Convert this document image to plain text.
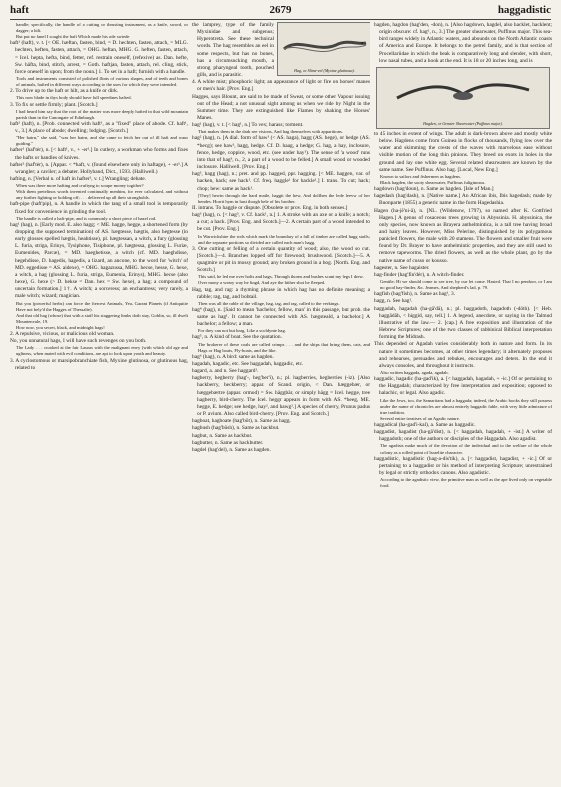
haft	2679	haggadistic

handle; specifically, the handle of a cutting or thrusting instrument, as a knife, sword, or dagger; a hilt.

But put no fanel I sought the haft Which made his ode swiede

haft¹ (haft), v. t. [< OE. hæftan, fasten, bind, = D. hechten, fasten, attach, = MLG. hechten, heften, fasten, attach, = OHG. heftan, MHG. G. heften, fasten, attach, = Icel. hepta, hefta, bind, fetter, ref. restrain oneself, (refexive) as. Dan. hefte, Sw. häfta, bind, stitch, arrest, = Goth. haftjan, fasten, attach, rel. cling, stick, force oneself in upon; from the noun.] 1. To set in a haft; furnish with a handle.

Tools and instruments consisted of polished flints of various shapes, and of teeth and bones of animals, hafted in different ways according to the uses for which they were intended.

2. To drive up to the haft or hilt, as a knife or dirk.

This now blade in thys body should have full speedines hafted.

3. To fix or settle firmly; plant. [Scotch.]

I had heard him say that the root of the matter was more deeply hafted in that wild mountain parish than in the Canongate of Edinburgh.

haft² (haft), n. [Prob. connected with haft¹, as a "fixed" place of abode. Cf. haft¹, v., 3.] A place of abode; dwelling; lodging. [Scotch.]

"Her bairn," she said, "was her bairn, and she came to fetch her out of ill haft and waur guiding."

hafter¹ (haf'tėr), n. [< haft¹, v., + -er¹.] In cutlery, a workman who forms and fixes the hafts or handles of knives.

hafter² (haf'tėr), n. [Appar. < *haft, v. (found elsewhere only in haftage), + -er¹.] A wrangler; a caviler; a debater. Hollyband, Dict., 1593. (Halliwell.)

hafting, n. [Verbal n. of haft in hafter², v. t.] Wrangling; debate.

When was there more hafting and cruftyng to scrape money togither?

With them pretelinos words invented continually menhim, for ever calculated, and without any further fighting or holding off; . . . delivered up all their strongholds.

haft-pipe (haft'pip), n. A handle in which the tang of a small tool is temporarily fixed for convenience in grinding the tool.

The handle is called a haft-pipe, and is commonly a short piece of hazel rod.

hag¹ (hag), n. [Early mod. E. also hagg; < ME. hagge, hegge, a shortened form (by dropping the supposed termination) of AS. hægtesse, hægtis, also hegtesse (in early glosses spelled hægtis, heahtisse), pl. hægtessan, a witch, a fury (glossing L. furia, striga, Erinys, Tysiphone, Tisiphone, pl. hægtessa, glossing L. Furiæ, Eumenides, Parcæ), = MD. haeghetisse, a witch (cf. MD. haeghdisse, hegehdisse, D. hagedis, hagedis, a lizard, an ancone, to the word for 'witch' of MD. eggedisse = AS. aidexe), = OHG. hagazussa, MHG. hecse, hesse, G. hexe, a witch, a hag (glossing L. furia, striga, Eumenia, Erinys), MHG. hecse (also hexe), G. hexe (> D. hekse = Dan. hex = Sw. hexe), a hag; a compound of uncertain formation.] 1†. A witch; a sorceress; an enchantress; very rarely, a male witch; wizard; magician.

But you (powerful herbs) can force the fiercest Animals, Yea, Garant Planets (if Antiquitie Have not bely'd the Hagges of Thessalie).

And that old hag (whose) that with a staff his staggering limbs doth stay, Goblin, so, ill dwelt Mountenvale, 19.

How now, you secret, black, and midnight hags!

2. A repulsive, vicious, or malicious old woman.

No, you unnatural hags, I will have such revenges on you both.

The Lady . . . crooked at the fair Lauras with the malignant envy (with which old age and ugliness, when mated with evil conditions, are apt to look upon youth and beauty.

3. A cyclostomous or marsipobranchiate fish, Myxine glutinosa, or glutinous hag, related to

Hag, or Slime-eel (Myxine glutinosa).

the lamprey, type of the family Myxinidae and subgenus; Hyperotreta. See these technical words. The hag resembles an eel in some respects, but has no bones, has a circumsucking mouth, a strong pharyngeal tooth, pouched gills, and is parasitic.

4. A white mist; phosphoric light; an appearance of light or fire on horses' manes or men's hair. [Prov. Eng.]

Hagges, says Blount, are said to be made of Sweat, or some other Vapour issuing out of the Head; a not unusual sight among us when we ride by Night in the Summer time. They are extinguished like Flames by shaking the Horses' Manes.

hag¹ (hag), v. t. [< hag¹, n.] To vex; harass; torment.

That makes them in the dark see visions, And hag themselves with apparitions.

hag² (hag), n. [A dial. form of haw¹ (< AS. haga), hagg (AS. hege), or hedge (AS. *hecg); see haw¹, hagg, hedge. Cf. D. haag, a hedge; G. hag, a hay, inclosure, fence, hedge, coppice, wood, etc. (see under hay¹). The sense of 'a wood' runs into that of hag³, n., 2, a part of a wood to be felled.] A small wood or wooded inclosure. Halliwell. [Prov. Eng.]

hag³, hagg (hag), n.; pret. and pp. hagged, ppr. hagging. [< ME. haggen, var. of hacken, hack; see hack¹. Cf. freq. haggle¹ for hackle¹.] I. trans. To cut; hack; chop; hew: same as hack¹.

[They] hewin through the hard maile, haggit the hew, And dolfhen the lede leevw of her hendes. Horrit hym in hast thorgh hele of his brother.

II. intrans. To haggle or dispute. [Obsolete or prov. Eng. in both senses.]

hag³ (hag), n. [< hag³, v. Cf. hack¹, n.] 1. A stroke with an axe or a knife; a notch; a cut; a hack. [Prov. Eng. and Scotch.]—2. A certain part of a wood intended to be cut. [Prov. Eng.]

In Warwickshire the rods which mark the boundary of a fall of timber are called hagg staffs; and the separate portions so divided are called each man's hagg.

3. One cutting or felling of a certain quantity of wood; also, the wood so cut. [Scotch.]—4. Branches lopped off for firewood; brushwood. [Scotch.]—5. A quagmire or pit in mossy ground; any broken ground in a bog. [North. Eng. and Scotch.]

This said, he led me over holts and hags, Through thorns and bushes scant my legs I drew.

Over mony a weary way he lingd, And aye the hither shot he fleeped.

Hag, tag, and rag: a rhyming phrase in which hag has no definite meaning; a rabble; rag, tag, and bobtail.

Then was all the rable of the village, hag, tag, and rag, called to the verkings.

hag⁴ (hag), n. [Said to mean 'hachelor, fellow, man' in this passage, but prob. the same as hag¹. It cannot be connected with AS. hægsteald, a bachelor.] A bachelor; a fellow; a man.

For they can not but brag, Like a scoldynte hag.

hag⁵, n. A kind of boat. See the quotation.

The brokerer of these coals are called crimps . . . and the ships that bring them, cats, and Hags or Hag boats, Fly-boats, and the like.

hag⁶ (hag), n. A bird: same as hagden.

hagadah, hagadic, etc. See haggadah, haggadic, etc.

hagard, a. and n. See haggard¹.

hagberry, hegberry (hag'-, heg'ber'i), n.; pl. hagberries, hegberries (-iz). [Also hackberry, heckberry; appar. of Scand. origin, < Dan. hæggebær, or hæggebærtre (appar. ormod) = Sw. häggbär, or simply hägg = Icel. hegge, tree hagberry, bird-cherry. The Icel. heggr appears in form with AS. *heeg, ME. hegge, E. hedge; see hedge, hay², and hawg².] A species of cherry, Prunus padus or P. avium. Also called bird-cherry. [Prov. Eng. and Scotch.]

hagboat, hagboate (hag'bōt), n. Same as hagg.

hagbush (hag'būsh), n. Same as hackbut.

hagbut, n. Same as hackbut.

hagbutter, n. Same as hackbutter.

hagdel (hag'del), n. Same as hagden.

hagden, hagdon (hag'den, -don), n. [Also hagdown, hagdel, also hacklet, hacklent; origin obscure: cf. hag⁶, n., 3.] The greater shearwater, Puffinus major. This sea-bird ranges widely in Atlantic waters, and abounds on the North Atlantic coasts of America and Europe. It belongs to the petrel family, and is that section of Procellariidae in which the beak is comparatively long and slender, with short, low nasal tubes, and a hook at the end. It is 18 or 20 inches long, and is

Hagden, or Greater Shearwater (Puffinus major).

to 45 inches in extent of wings. The adult is dark-brown above and mostly white below. Hagdens come from Guinea in flocks of thousands, flying low over the water and skimming the crests of the waves with marvelous ease without visible motion of the long thin pinions. They breed on exots in holes in the ground and lay one white egg. Several related shearwaters are known by the same name. See Puffinus. Also hag. [Local, New Eng.]

Known to sailors and fishermen as hagdens.

Black hagden, the sooty shearwater, Puffinus fuliginosus.

hagdown (hag'doun), n. Same as hagden. [Isle of Man.]

hagedash (hag'dash), n. [Native name.] An African ibis, Ibis hagedash; made by Buonparte (1855) a generic name in the form Hagedashia.

Hagen (ha-jē'ni-ā), n. [NL. (Wildenow, 1797), so named after K. Gottfried Hagen.] A genus of rosaceous trees growing in Abyssinia. H. abyssinica, the only species, now known as Brayera anthelmintica, is a tall tree having broad and hairy leaves. However, Miss Pelerine, distinguished by its polygamous panicled flowers, the male with 20 stamens. The flowers and smaller fruit were found by Dr. Brayer to have anthelmintic properties, and they are still used to remove tapeworms. The dried flowers, as well as the whole plant, go by the native name of cusso or kousso.

hagester, n. See hagaister.

hag-finder (hag'fin'dėr), n. A witch-finder.

Gentile; Hi we should come to see tree, by our let come. Hasted. That I no pendoor, or I am no good hay-finder, &c. Jeames, And shepherd's lad, p. 79.

hagfish (hag'fish), n. Same as hag¹, 3.

hagg, n. See hag¹.

haggadah, hagadah (ha-gä'dā), n.; pl. haggadoth, hagadoth (-dōth). [< Heb. haggādāh, < higgid, say, tell.] 1. A legend, anecdote, or saying in the Talmud illustrative of the law.— 2. [cap.] A free exposition and illustration of the Hebrew Scriptures; one of the two classes of rabbinical Biblical interpretation forming the Midrash.

This depended or Agadah varies considerably both in nature and form. In its nature it sometimes becomes, at other times legendary; it alternately proposes and rehearses, persuades and rebukes, encourages and deters. In the end it always consoles, and throughout it instructs.

Also written haggada, agada, agadah.

haggadic, hagadic (ha-gad'ik), a. [< haggadah, hagadah, + -ic.] Of or pertaining to the Haggadah; characterized by free interpretation and exposition; opposed to halachic, or legal. Also agadic.

Like the Jews, too, the Samaritans had a haggada; indeed, the Arabic books they still possess under the name of chronicles are almost entirely haggadic fable, with very little admixture of true tradition.

Several entire treatises of an Agadic nature.

haggadical (ha-gad'i-kal), a. Same as haggadic.

haggadist, hagadist (ha-gā'dist), n. [< haggadah, hagadah, + -ist.] A writer of haggadoth; one of the authors or disciples of the Haggadah. Also agadist.

The agadists make much of the devotion of the individual and to the welfare of the whole colony as a rolled point of Israelite character.

haggadistic, hagadistic (hag-a-dis'tik), a. [< haggadist, hagadist, + -ic.] Of or pertaining to a haggadist or his method of interpreting Scripture; unrestrained by legal or strictly orthodox canons. Also agadistic.

According to the agadistic view, the primitive man as well as the ape lived only on vegetable food.
